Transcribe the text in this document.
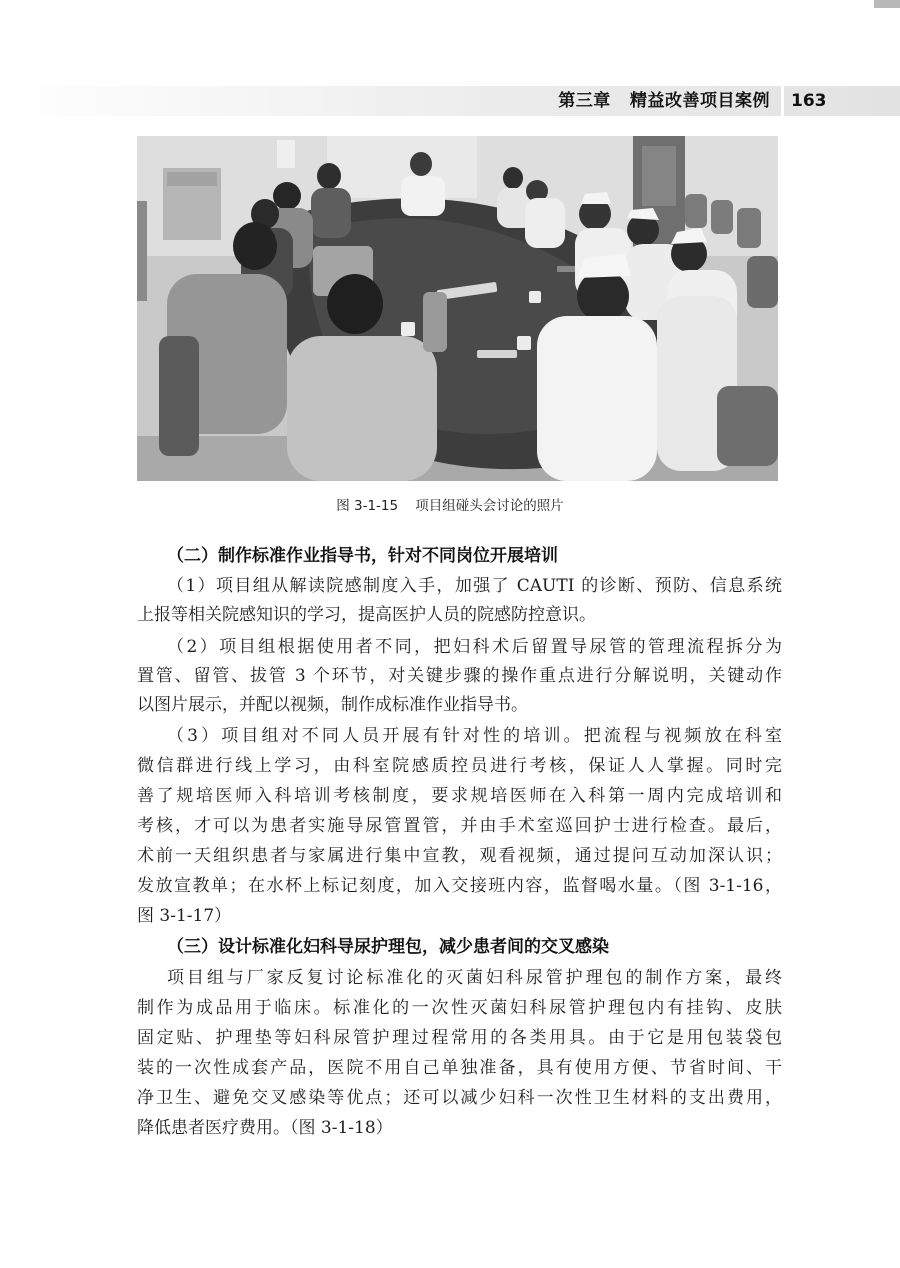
第三章   精益改善项目案例 163
图 3-1-15    项目组碰头会讨论的照片
（二）制作标准作业指导书，针对不同岗位开展培训
（1）项目组从解读院感制度入手，加强了 CAUTI 的诊断、预防、信息系统
上报等相关院感知识的学习，提高医护人员的院感防控意识。
（2）项目组根据使用者不同，把妇科术后留置导尿管的管理流程拆分为
置管、留管、拔管 3 个环节，对关键步骤的操作重点进行分解说明，关键动作
以图片展示，并配以视频，制作成标准作业指导书。
（3）项目组对不同人员开展有针对性的培训。把流程与视频放在科室
微信群进行线上学习，由科室院感质控员进行考核，保证人人掌握。同时完
善了规培医师入科培训考核制度，要求规培医师在入科第一周内完成培训和
考核，才可以为患者实施导尿管置管，并由手术室巡回护士进行检查。最后，
术前一天组织患者与家属进行集中宣教，观看视频，通过提问互动加深认识；
发放宣教单；在水杯上标记刻度，加入交接班内容，监督喝水量。（图 3-1-16，
图 3-1-17）
（三）设计标准化妇科导尿护理包，减少患者间的交叉感染
项目组与厂家反复讨论标准化的灭菌妇科尿管护理包的制作方案，最终
制作为成品用于临床。标准化的一次性灭菌妇科尿管护理包内有挂钩、皮肤
固定贴、护理垫等妇科尿管护理过程常用的各类用具。由于它是用包装袋包
装的一次性成套产品，医院不用自己单独准备，具有使用方便、节省时间、干
净卫生、避免交叉感染等优点；还可以减少妇科一次性卫生材料的支出费用，
降低患者医疗费用。（图 3-1-18）
